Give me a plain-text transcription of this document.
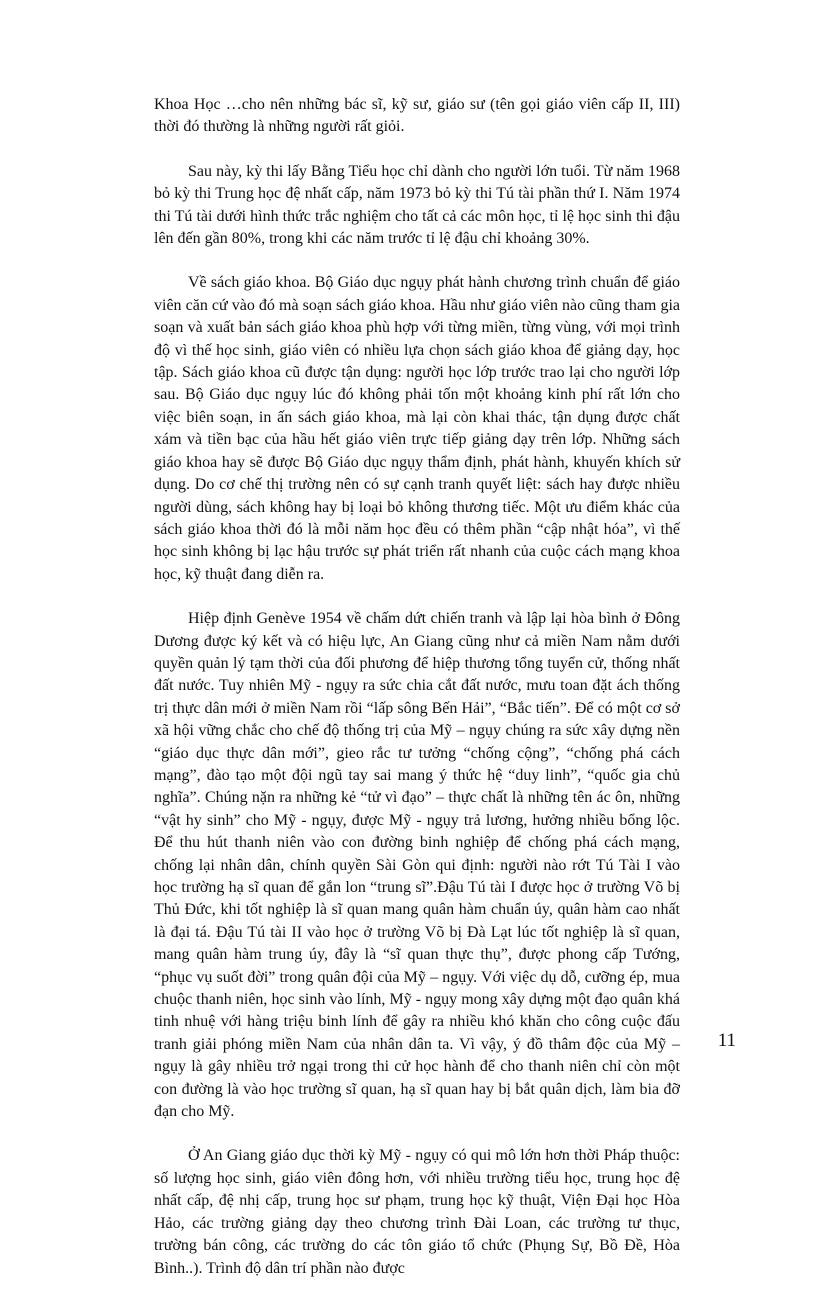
Khoa Học …cho nên những bác sĩ, kỹ sư, giáo sư (tên gọi giáo viên cấp II, III) thời đó thường là những người rất giỏi.

Sau này, kỳ thi lấy Bằng Tiểu học chỉ dành cho người lớn tuổi. Từ năm 1968 bỏ kỳ thi Trung học đệ nhất cấp, năm 1973 bỏ kỳ thi Tú tài phần thứ I. Năm 1974 thi Tú tài dưới hình thức trắc nghiệm cho tất cả các môn học, tỉ lệ học sinh thi đậu lên đến gần 80%, trong khi các năm trước tỉ lệ đậu chỉ khoảng 30%.

Về sách giáo khoa. Bộ Giáo dục ngụy phát hành chương trình chuẩn để giáo viên căn cứ vào đó mà soạn sách giáo khoa. Hầu như giáo viên nào cũng tham gia soạn và xuất bản sách giáo khoa phù hợp với từng miền, từng vùng, với mọi trình độ vì thế học sinh, giáo viên có nhiều lựa chọn sách giáo khoa để giảng dạy, học tập. Sách giáo khoa cũ được tận dụng: người học lớp trước trao lại cho người lớp sau. Bộ Giáo dục ngụy lúc đó không phải tốn một khoảng kinh phí rất lớn cho việc biên soạn, in ấn sách giáo khoa, mà lại còn khai thác, tận dụng được chất xám và tiền bạc của hầu hết giáo viên trực tiếp giảng dạy trên lớp. Những sách giáo khoa hay sẽ được Bộ Giáo dục ngụy thẩm định, phát hành, khuyến khích sử dụng. Do cơ chế thị trường nên có sự cạnh tranh quyết liệt: sách hay được nhiều người dùng, sách không hay bị loại bỏ không thương tiếc. Một ưu điểm khác của sách giáo khoa thời đó là mỗi năm học đều có thêm phần “cập nhật hóa”, vì thế học sinh không bị lạc hậu trước sự phát triển rất nhanh của cuộc cách mạng khoa học, kỹ thuật đang diễn ra.

Hiệp định Genève 1954 về chấm dứt chiến tranh và lập lại hòa bình ở Đông Dương được ký kết và có hiệu lực, An Giang cũng như cả miền Nam nằm dưới quyền quản lý tạm thời của đối phương để hiệp thương tổng tuyển cử, thống nhất đất nước. Tuy nhiên Mỹ - ngụy ra sức chia cắt đất nước, mưu toan đặt ách thống trị thực dân mới ở miền Nam rồi “lấp sông Bến Hải”, “Bắc tiến”. Để có một cơ sở xã hội vững chắc cho chế độ thống trị của Mỹ – ngụy chúng ra sức xây dựng nền “giáo dục thực dân mới”, gieo rắc tư tưởng “chống cộng”, “chống phá cách mạng”, đào tạo một đội ngũ tay sai mang ý thức hệ “duy linh”, “quốc gia chủ nghĩa”. Chúng nặn ra những kẻ “tử vì đạo” – thực chất là những tên ác ôn, những “vật hy sinh” cho Mỹ - ngụy, được Mỹ - ngụy trả lương, hưởng nhiều bổng lộc. Để thu hút thanh niên vào con đường binh nghiệp để chống phá cách mạng, chống lại nhân dân, chính quyền Sài Gòn qui định: người nào rớt Tú Tài I vào học trường hạ sĩ quan để gắn lon “trung sĩ”.Đậu Tú tài I được học ở trường Võ bị Thủ Đức, khi tốt nghiệp là sĩ quan mang quân hàm chuẩn úy, quân hàm cao nhất là đại tá. Đậu Tú tài II vào học ở trường Võ bị Đà Lạt lúc tốt nghiệp là sĩ quan, mang quân hàm trung úy, đây là “sĩ quan thực thụ”, được phong cấp Tướng, “phục vụ suốt đời” trong quân đội của Mỹ – ngụy. Với việc dụ dỗ, cưỡng ép, mua chuộc thanh niên, học sinh vào lính, Mỹ - ngụy mong xây dựng một đạo quân khá tinh nhuệ với hàng triệu binh lính để gây ra nhiều khó khăn cho công cuộc đấu tranh giải phóng miền Nam của nhân dân ta. Vì vậy, ý đồ thâm độc của Mỹ – ngụy là gây nhiều trở ngại trong thi cử học hành để cho thanh niên chỉ còn một con đường là vào học trường sĩ quan, hạ sĩ quan hay bị bắt quân dịch, làm bia đỡ đạn cho Mỹ.

Ở An Giang giáo dục thời kỳ Mỹ - ngụy có qui mô lớn hơn thời Pháp thuộc: số lượng học sinh, giáo viên đông hơn, với nhiều trường tiểu học, trung học đệ nhất cấp, đệ nhị cấp, trung học sư phạm, trung học kỹ thuật, Viện Đại học Hòa Hảo, các trường giảng dạy theo chương trình Đài Loan, các trường tư thục, trường bán công, các trường do các tôn giáo tổ chức (Phụng Sự, Bồ Đề, Hòa Bình..). Trình độ dân trí phần nào được

11
